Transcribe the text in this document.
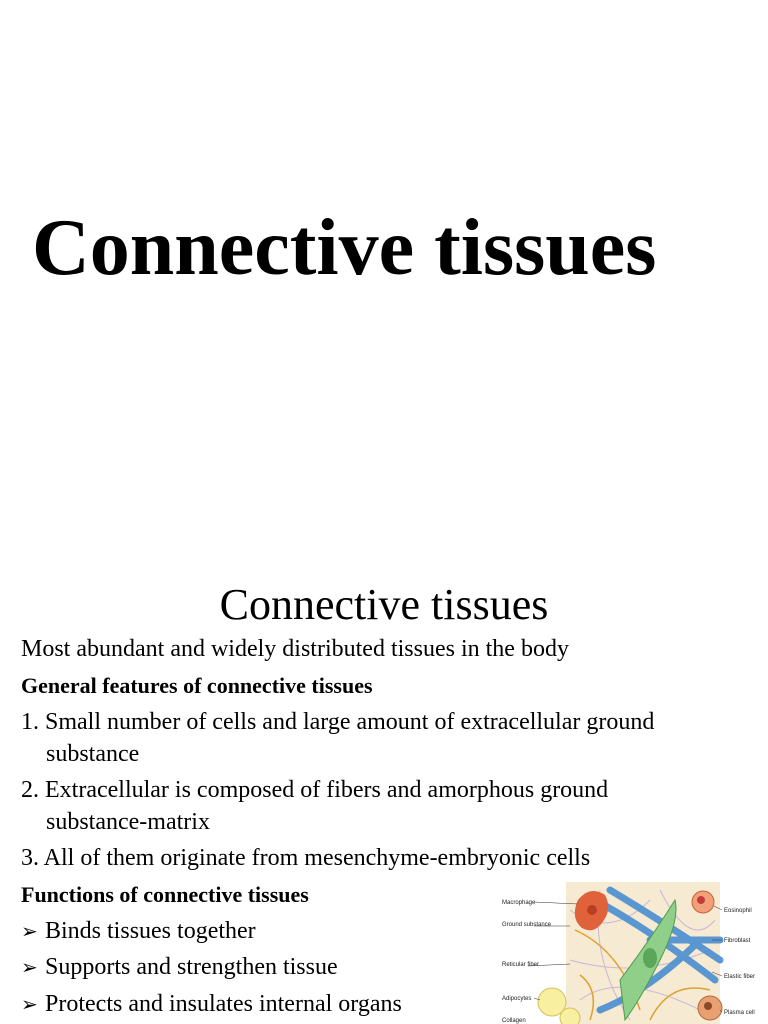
Connective tissues
Connective tissues
Most abundant and widely distributed tissues in the body
General features of connective tissues
1. Small number of cells and large amount of extracellular ground
substance
2. Extracellular is composed of fibers and amorphous ground
substance-matrix
3. All of them originate from mesenchyme-embryonic cells
Functions of connective tissues
➢ Binds tissues together
➢ Supports and strengthen tissue
➢ Protects and insulates internal organs
Macrophage
Ground substance
Reticular fiber
Adipocytes
Collagen
Eosinophil
Fibroblast
Elastic fiber
Plasma cell
